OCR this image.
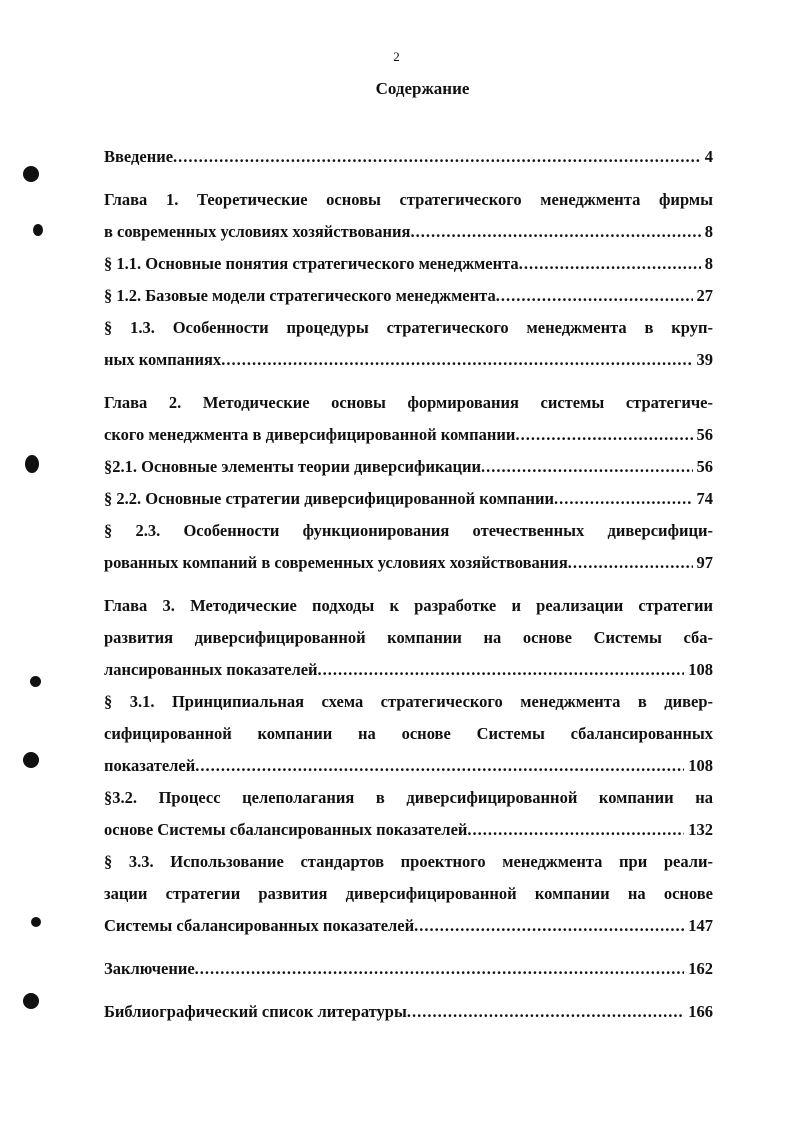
2
Содержание
Введение .....	4
Глава 1. Теоретические основы стратегического менеджмента фирмы
в современных условиях хозяйствования .....	8
§ 1.1. Основные понятия стратегического менеджмента .....	8
§ 1.2. Базовые модели стратегического менеджмента .....	27
§ 1.3. Особенности процедуры стратегического менеджмента в круп-
ных компаниях .....	39
Глава 2. Методические основы формирования системы стратегиче-
ского менеджмента в диверсифицированной компании .....	56
§2.1. Основные элементы теории диверсификации .....	56
§ 2.2. Основные стратегии диверсифицированной компании .....	74
§ 2.3. Особенности функционирования отечественных диверсифици-
рованных компаний в современных условиях хозяйствования .....	97
Глава 3. Методические подходы к разработке и реализации стратегии
развития диверсифицированной компании на основе Системы сба-
лансированных показателей .....	108
§ 3.1. Принципиальная схема стратегического менеджмента в дивер-
сифицированной компании на основе Системы сбалансированных
показателей .....	108
§3.2. Процесс целеполагания в диверсифицированной компании на
основе Системы сбалансированных показателей .....	132
§ 3.3. Использование стандартов проектного менеджмента при реали-
зации стратегии развития диверсифицированной компании на основе
Системы сбалансированных показателей .....	147
Заключение .....	162
Библиографический список литературы .....	166
